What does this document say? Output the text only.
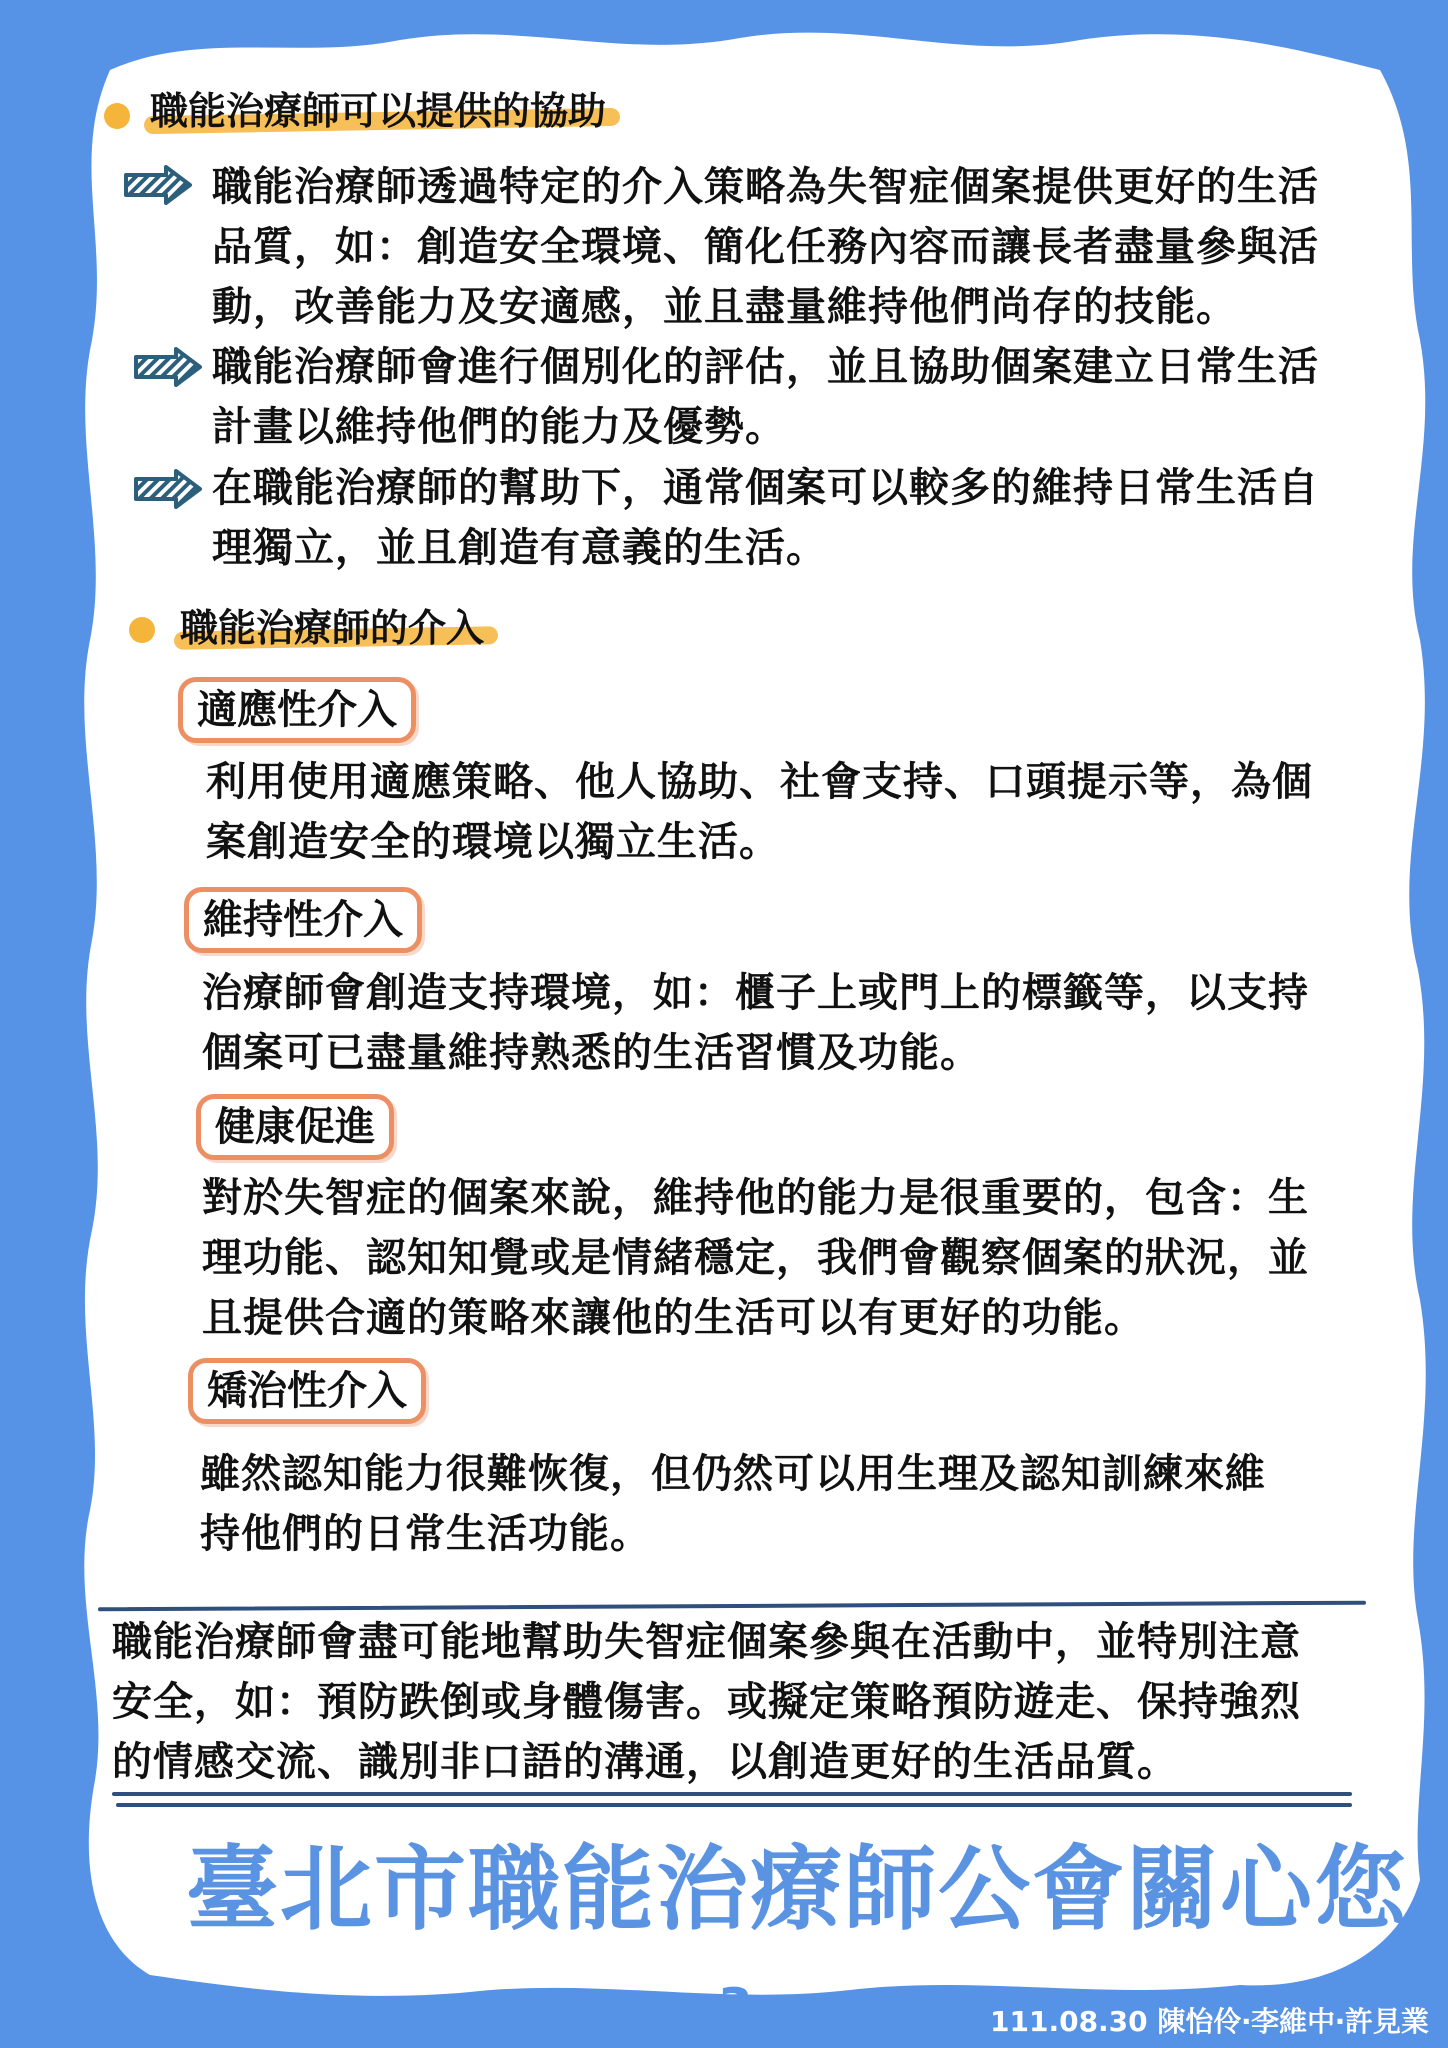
職能治療師可以提供的協助
職能治療師透過特定的介入策略為失智症個案提供更好的生活
品質，如：創造安全環境、簡化任務內容而讓長者盡量參與活
動，改善能力及安適感，並且盡量維持他們尚存的技能。
職能治療師會進行個別化的評估，並且協助個案建立日常生活
計畫以維持他們的能力及優勢。
在職能治療師的幫助下，通常個案可以較多的維持日常生活自
理獨立，並且創造有意義的生活。
職能治療師的介入
適應性介入
利用使用適應策略、他人協助、社會支持、口頭提示等，為個
案創造安全的環境以獨立生活。
維持性介入
治療師會創造支持環境，如：櫃子上或門上的標籤等，以支持
個案可已盡量維持熟悉的生活習慣及功能。
健康促進
對於失智症的個案來說，維持他的能力是很重要的，包含：生
理功能、認知知覺或是情緒穩定，我們會觀察個案的狀況，並
且提供合適的策略來讓他的生活可以有更好的功能。
矯治性介入
雖然認知能力很難恢復，但仍然可以用生理及認知訓練來維
持他們的日常生活功能。
職能治療師會盡可能地幫助失智症個案參與在活動中，並特別注意
安全，如：預防跌倒或身體傷害。或擬定策略預防遊走、保持強烈
的情感交流、識別非口語的溝通，以創造更好的生活品質。
臺北市職能治療師公會關心您
3	111.08.30 陳怡伶‧李維中‧許見業
